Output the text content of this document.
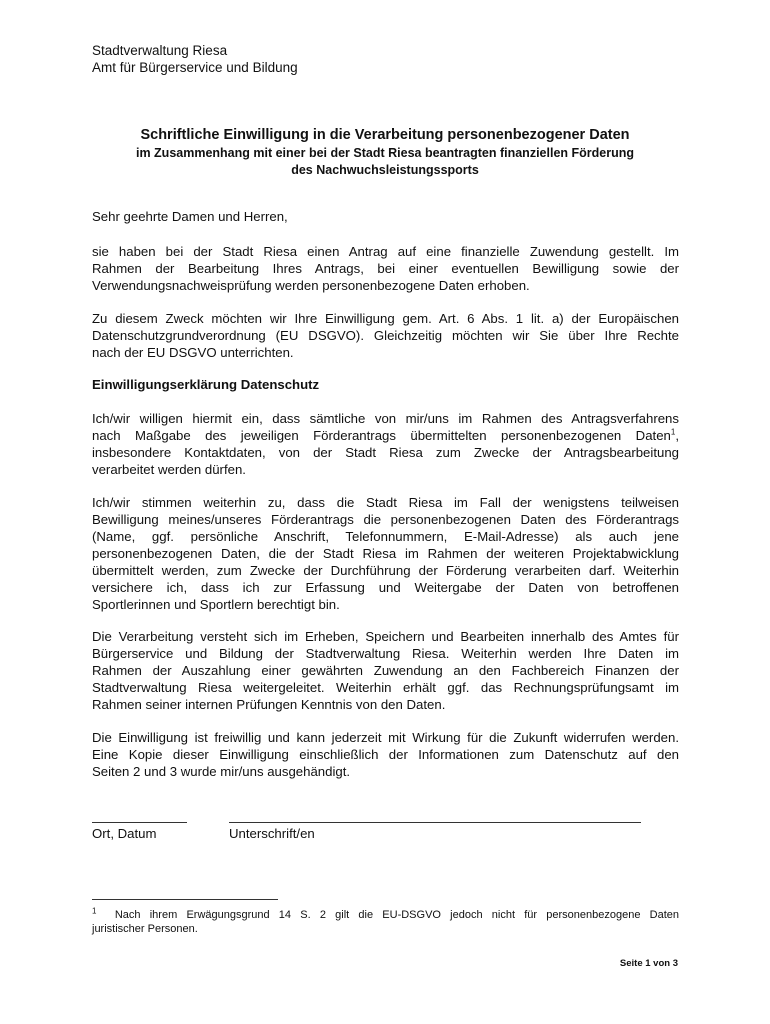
Stadtverwaltung Riesa
Amt für Bürgerservice und Bildung
Schriftliche Einwilligung in die Verarbeitung personenbezogener Daten
im Zusammenhang mit einer bei der Stadt Riesa beantragten finanziellen Förderung
des Nachwuchsleistungssports
Sehr geehrte Damen und Herren,
sie haben bei der Stadt Riesa einen Antrag auf eine finanzielle Zuwendung gestellt. Im
Rahmen der Bearbeitung Ihres Antrags, bei einer eventuellen Bewilligung sowie der
Verwendungsnachweisprüfung werden personenbezogene Daten erhoben.
Zu diesem Zweck möchten wir Ihre Einwilligung gem. Art. 6 Abs. 1 lit. a) der Europäischen
Datenschutzgrundverordnung (EU DSGVO). Gleichzeitig möchten wir Sie über Ihre Rechte
nach der EU DSGVO unterrichten.
Einwilligungserklärung Datenschutz
Ich/wir willigen hiermit ein, dass sämtliche von mir/uns im Rahmen des Antragsverfahrens
nach Maßgabe des jeweiligen Förderantrags übermittelten personenbezogenen Daten$^1$,
insbesondere Kontaktdaten, von der Stadt Riesa zum Zwecke der Antragsbearbeitung
verarbeitet werden dürfen.
Ich/wir stimmen weiterhin zu, dass die Stadt Riesa im Fall der wenigstens teilweisen
Bewilligung meines/unseres Förderantrags die personenbezogenen Daten des Förderantrags
(Name, ggf. persönliche Anschrift, Telefonnummern, E-Mail-Adresse) als auch jene
personenbezogenen Daten, die der Stadt Riesa im Rahmen der weiteren Projektabwicklung
übermittelt werden, zum Zwecke der Durchführung der Förderung verarbeiten darf. Weiterhin
versichere ich, dass ich zur Erfassung und Weitergabe der Daten von betroffenen
Sportlerinnen und Sportlern berechtigt bin.
Die Verarbeitung versteht sich im Erheben, Speichern und Bearbeiten innerhalb des Amtes für
Bürgerservice und Bildung der Stadtverwaltung Riesa. Weiterhin werden Ihre Daten im
Rahmen der Auszahlung einer gewährten Zuwendung an den Fachbereich Finanzen der
Stadtverwaltung Riesa weitergeleitet. Weiterhin erhält ggf. das Rechnungsprüfungsamt im
Rahmen seiner internen Prüfungen Kenntnis von den Daten.
Die Einwilligung ist freiwillig und kann jederzeit mit Wirkung für die Zukunft widerrufen werden.
Eine Kopie dieser Einwilligung einschließlich der Informationen zum Datenschutz auf den
Seiten 2 und 3 wurde mir/uns ausgehändigt.
Ort, Datum	Unterschrift/en
$^1$ Nach ihrem Erwägungsgrund 14 S. 2 gilt die EU-DSGVO jedoch nicht für personenbezogene Daten
juristischer Personen.
Seite 1 von 3
